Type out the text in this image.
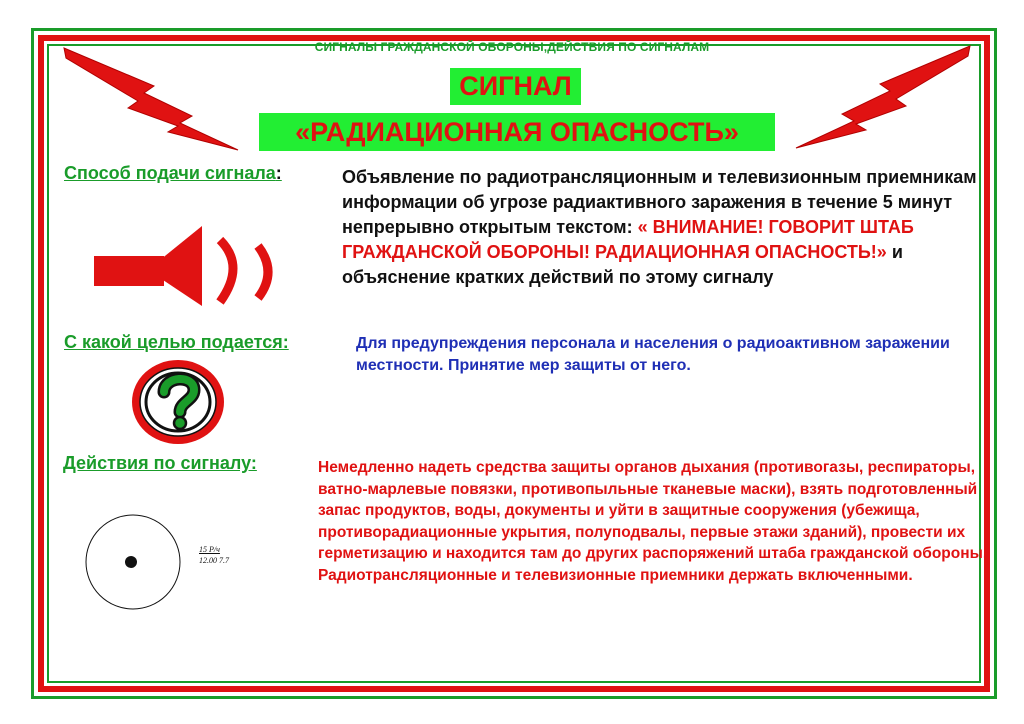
СИГНАЛЫ ГРАЖДАНСКОЙ ОБОРОНЫ,ДЕЙСТВИЯ ПО СИГНАЛАМ
СИГНАЛ
«РАДИАЦИОННАЯ ОПАСНОСТЬ»
Способ подачи сигнала:	Объявление по радиотрансляционным и телевизионным приемникам информации об угрозе радиактивного заражения в течение 5 минут непрерывно открытым текстом: « ВНИМАНИЕ! ГОВОРИТ ШТАБ ГРАЖДАНСКОЙ ОБОРОНЫ! РАДИАЦИОННАЯ ОПАСНОСТЬ!» и объяснение кратких действий по этому сигналу
С какой целью подается:	Для предупреждения персонала и населения о радиоактивном заражении местности. Принятие мер защиты от него.
Действия по сигналу:	Немедленно надеть средства защиты органов дыхания (противогазы, респираторы, ватно-марлевые повязки, противопыльные тканевые маски), взять подготовленный запас продуктов, воды, документы и уйти в защитные сооружения (убежища, противорадиационные укрытия, полуподвалы, первые этажи зданий), провести их герметизацию и находится там до других распоряжений штаба гражданской обороны. Радиотрансляционные и телевизионные приемники держать включенными.
15 Р/ч
12.00 7.7
